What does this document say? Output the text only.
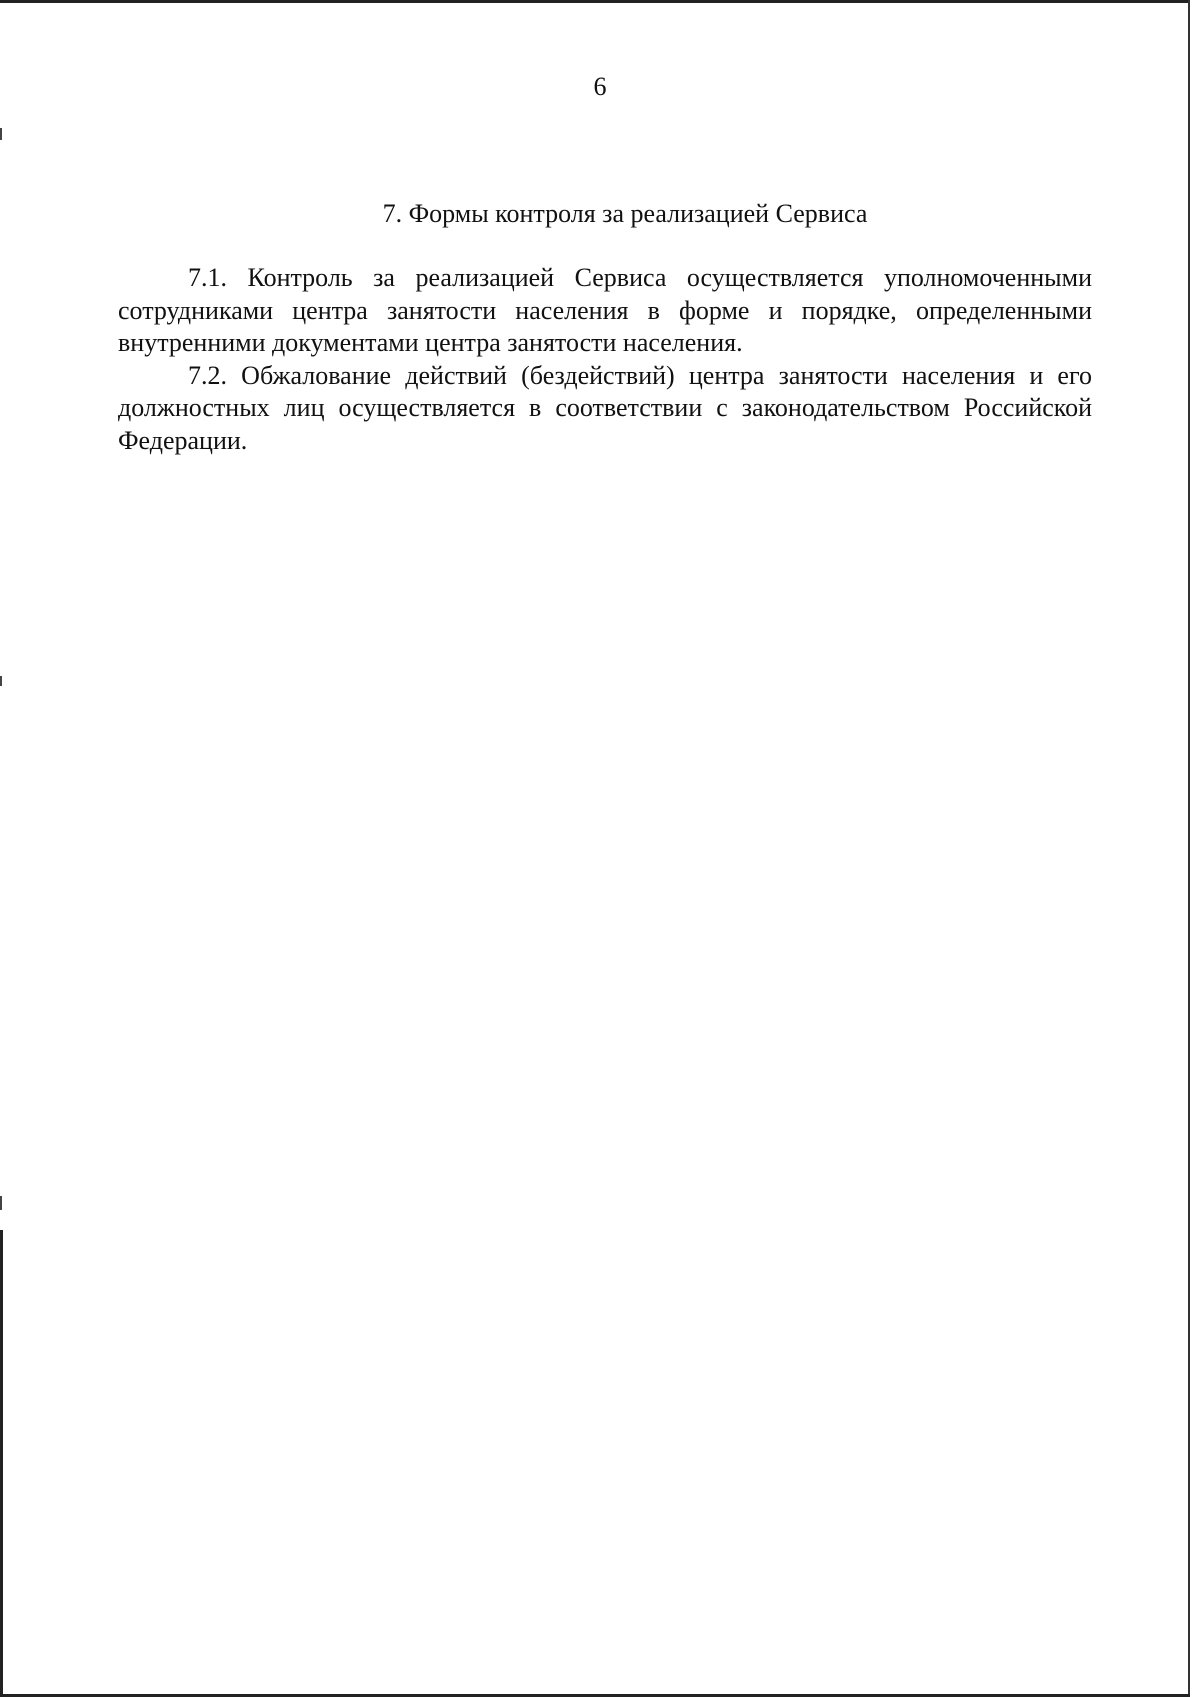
6
7. Формы контроля за реализацией Сервиса

7.1. Контроль за реализацией Сервиса осуществляется уполномоченными сотрудниками центра занятости населения в форме и порядке, определенными внутренними документами центра занятости населения.

7.2. Обжалование действий (бездействий) центра занятости населения и его должностных лиц осуществляется в соответствии с законодательством Российской Федерации.
